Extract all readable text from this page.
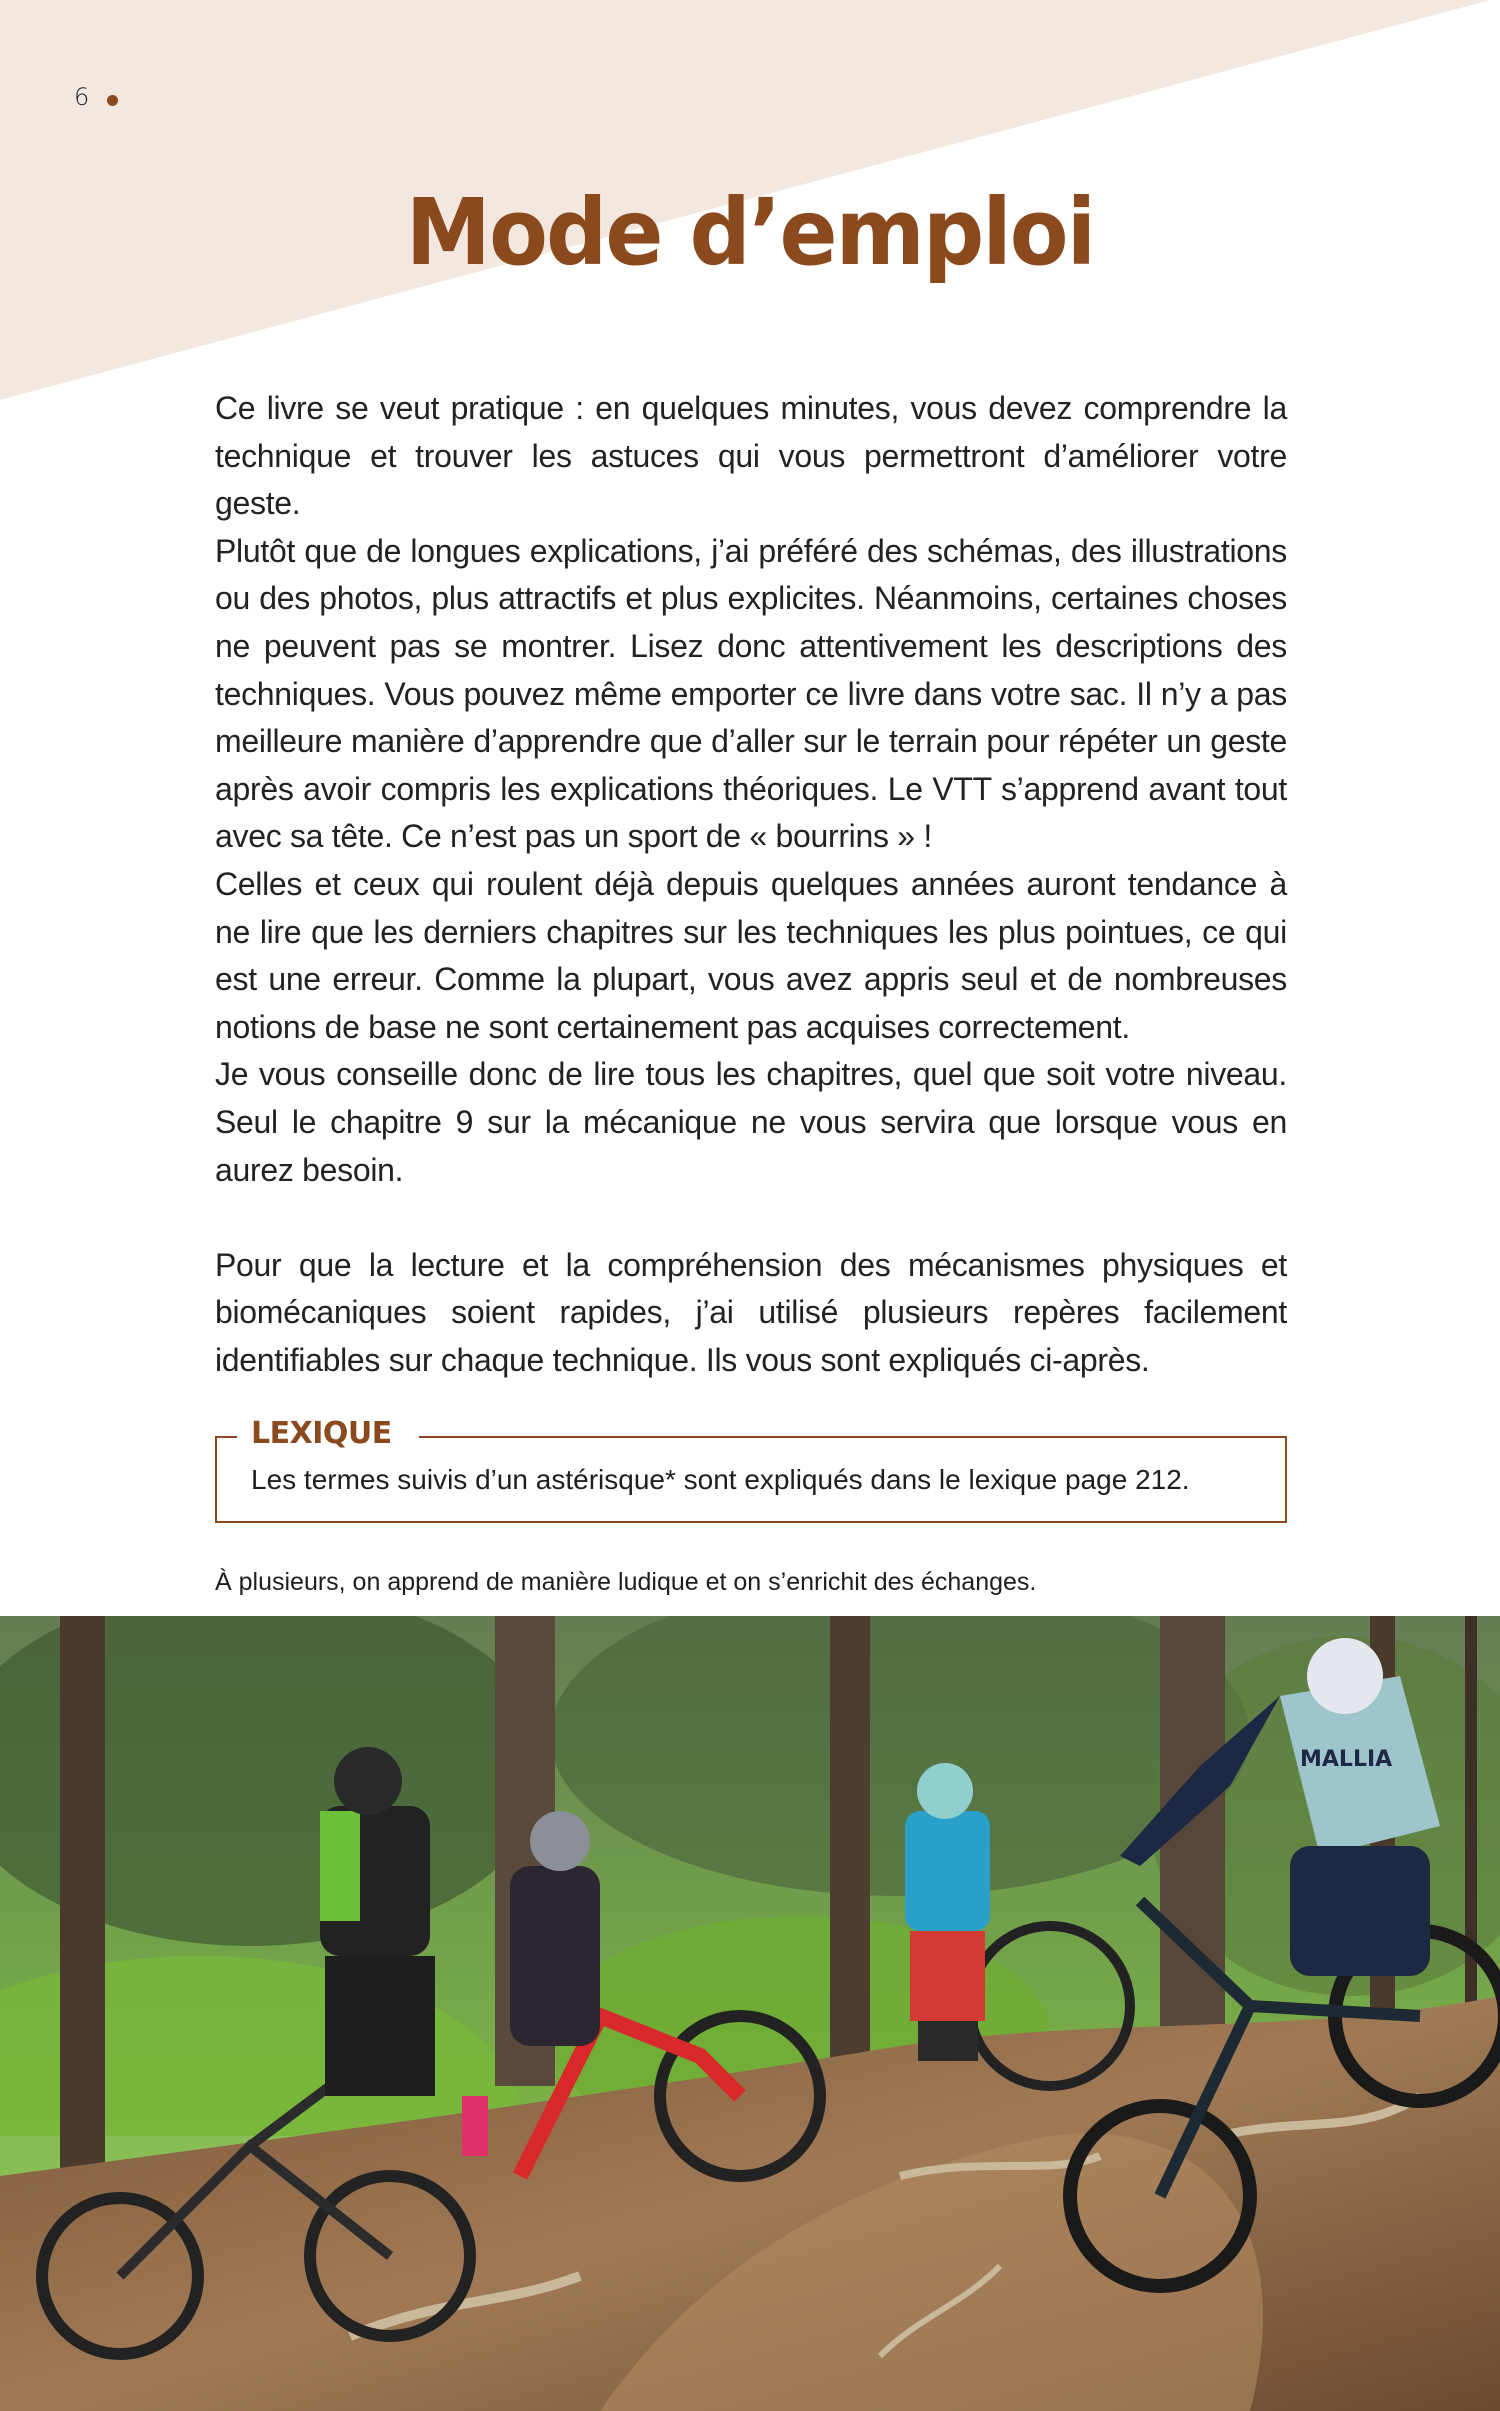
6
Mode d’emploi

Ce livre se veut pratique : en quelques minutes, vous devez comprendre la technique et trouver les astuces qui vous permettront d’améliorer votre geste.

Plutôt que de longues explications, j’ai préféré des schémas, des illustrations ou des photos, plus attractifs et plus explicites. Néanmoins, certaines choses ne peuvent pas se montrer. Lisez donc attentivement les descriptions des techniques. Vous pouvez même emporter ce livre dans votre sac. Il n’y a pas meilleure manière d’apprendre que d’aller sur le terrain pour répéter un geste après avoir compris les explications théoriques. Le VTT s’apprend avant tout avec sa tête. Ce n’est pas un sport de « bourrins » !

Celles et ceux qui roulent déjà depuis quelques années auront tendance à ne lire que les derniers chapitres sur les techniques les plus pointues, ce qui est une erreur. Comme la plupart, vous avez appris seul et de nombreuses notions de base ne sont certainement pas acquises correctement.

Je vous conseille donc de lire tous les chapitres, quel que soit votre niveau. Seul le chapitre 9 sur la mécanique ne vous servira que lorsque vous en aurez besoin.

Pour que la lecture et la compréhension des mécanismes physiques et biomécaniques soient rapides, j’ai utilisé plusieurs repères facilement identifiables sur chaque technique. Ils vous sont expliqués ci-après.

LEXIQUE
Les termes suivis d’un astérisque* sont expliqués dans le lexique page 212.
À plusieurs, on apprend de manière ludique et on s’enrichit des échanges.
MALLIA
